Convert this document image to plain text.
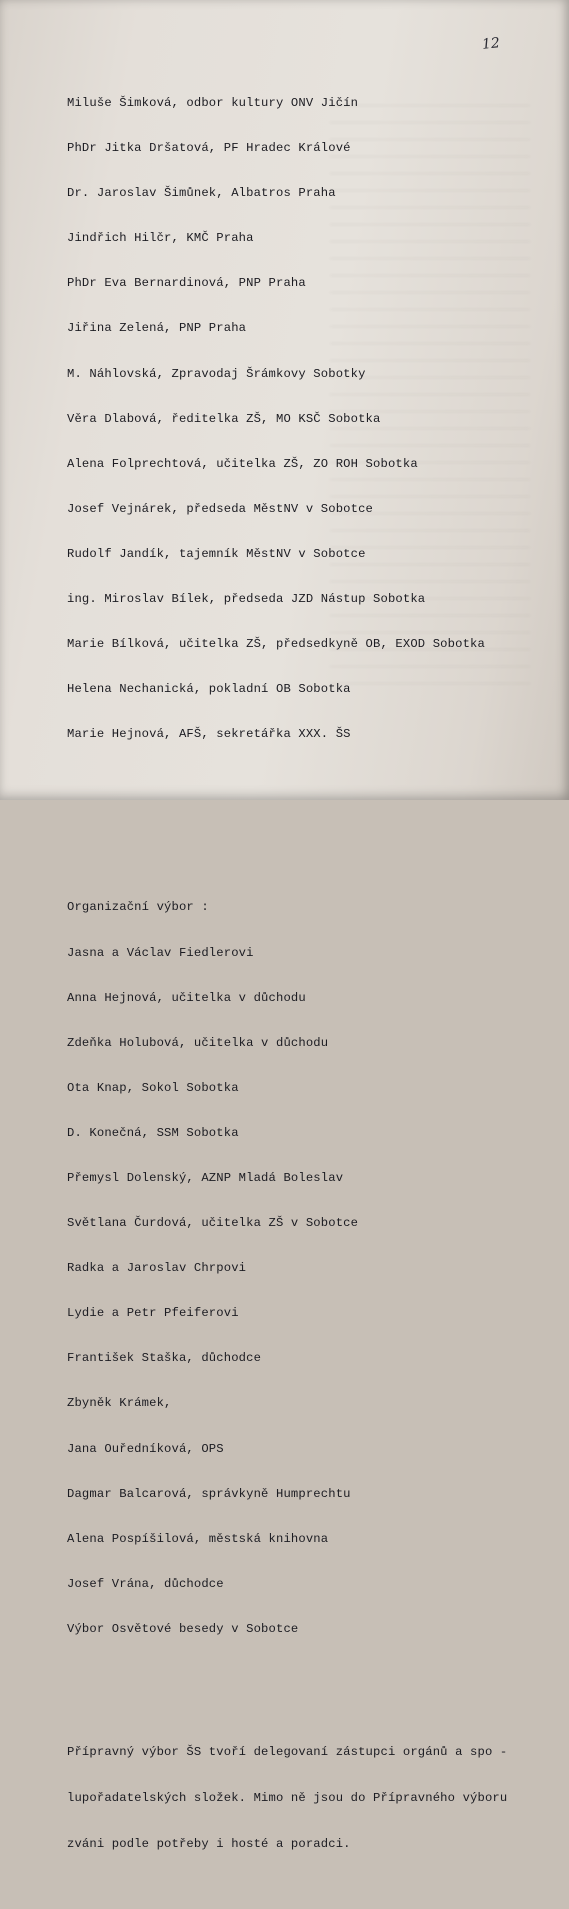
12

Miluše Šimková, odbor kultury ONV Jičín

PhDr Jitka Dršatová, PF Hradec Králové

Dr. Jaroslav Šimůnek, Albatros Praha

Jindřich Hilčr, KMČ Praha

PhDr Eva Bernardinová, PNP Praha

Jiřina Zelená, PNP Praha

M. Náhlovská, Zpravodaj Šrámkovy Sobotky

Věra Dlabová, ředitelka ZŠ, MO KSČ Sobotka

Alena Folprechtová, učitelka ZŠ, ZO ROH Sobotka

Josef Vejnárek, předseda MěstNV v Sobotce

Rudolf Jandík, tajemník MěstNV v Sobotce

ing. Miroslav Bílek, předseda JZD Nástup Sobotka

Marie Bílková, učitelka ZŠ, předsedkyně OB, EXOD Sobotka

Helena Nechanická, pokladní OB Sobotka

Marie Hejnová, AFŠ, sekretářka XXX. ŠS

Organizační výbor :

Jasna a Václav Fiedlerovi

Anna Hejnová, učitelka v důchodu

Zdeňka Holubová, učitelka v důchodu

Ota Knap, Sokol Sobotka

D. Konečná, SSM Sobotka

Přemysl Dolenský, AZNP Mladá Boleslav

Světlana Čurdová, učitelka ZŠ v Sobotce

Radka a Jaroslav Chrpovi

Lydie a Petr Pfeiferovi

František Staška, důchodce

Zbyněk Krámek,

Jana Ouředníková, OPS

Dagmar Balcarová, správkyně Humprechtu

Alena Pospíšilová, městská knihovna

Josef Vrána, důchodce

Výbor Osvětové besedy v Sobotce

Přípravný výbor ŠS tvoří delegovaní zástupci orgánů a spo -

lupořadatelských složek. Mimo ně jsou do Přípravného výboru

zváni podle potřeby i hosté a poradci.
